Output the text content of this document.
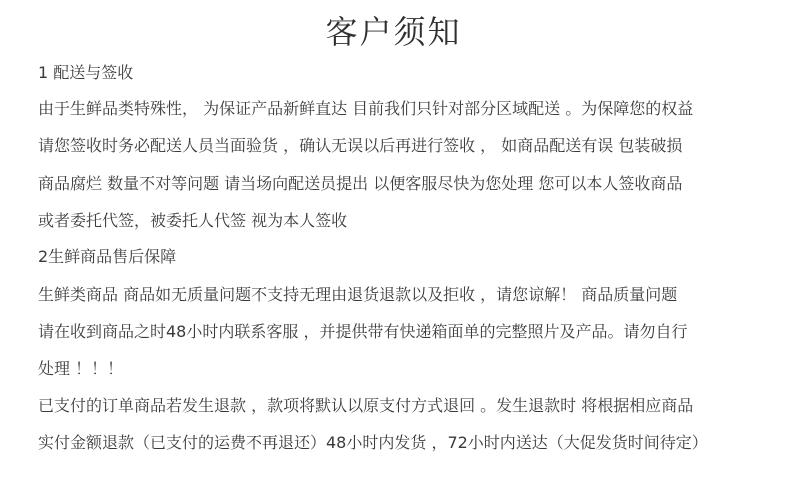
客户须知
1 配送与签收
由于生鲜品类特殊性， 为保证产品新鲜直达 目前我们只针对部分区域配送 。为保障您的权益
请您签收时务必配送人员当面验货 ，确认无误以后再进行签收 ， 如商品配送有误 包装破损
商品腐烂 数量不对等问题 请当场向配送员提出 以便客服尽快为您处理 您可以本人签收商品
或者委托代签，被委托人代签 视为本人签收
2生鲜商品售后保障
生鲜类商品 商品如无质量问题不支持无理由退货退款以及拒收 ，请您谅解！ 商品质量问题
请在收到商品之时48小时内联系客服 ，并提供带有快递箱面单的完整照片及产品。请勿自行
处理 ！！！
已支付的订单商品若发生退款 ，款项将默认以原支付方式退回 。发生退款时 将根据相应商品
实付金额退款（已支付的运费不再退还）48小时内发货 ，72小时内送达（大促发货时间待定）
